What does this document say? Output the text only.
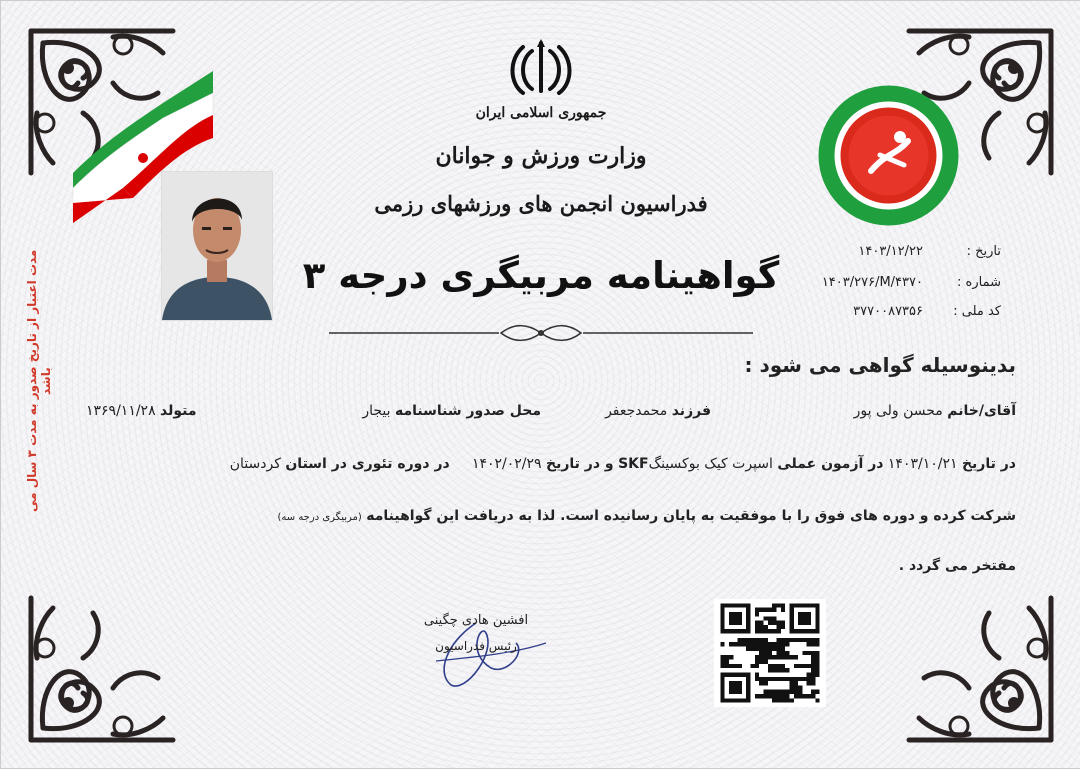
جمهوری اسلامی ایران
وزارت ورزش و جوانان
فدراسیون انجمن های ورزشهای رزمی
گواهینامه مربیگری درجه ۳
تاریخ :
۱۴۰۳/۱۲/۲۲
شماره :
۱۴۰۳/۲۷۶/M/۴۳۷۰
کد ملی :
۳۷۷۰۰۸۷۳۵۶
مدت اعتبار از تاریخ صدور به مدت ۳ سال می باشد
بدینوسیله گواهی می شود :
آقای/خانم محسن ولی پور
فرزند محمدجعفر
محل صدور شناسنامه بیجار
متولد ۱۳۶۹/۱۱/۲۸
در تاریخ ۱۴۰۳/۱۰/۲۱ در آزمون عملی اسپرت کیک بوکسینگSKF و در تاریخ ۱۴۰۲/۰۲/۲۹     در دوره تئوری در استان کردستان
شرکت کرده و دوره های فوق را با موفقیت به پایان رسانیده است. لذا به دریافت این گواهینامه (مربیگری درجه سه)
مفتخر می گردد .
افشین هادی چگینی
رئیس فدراسیون
